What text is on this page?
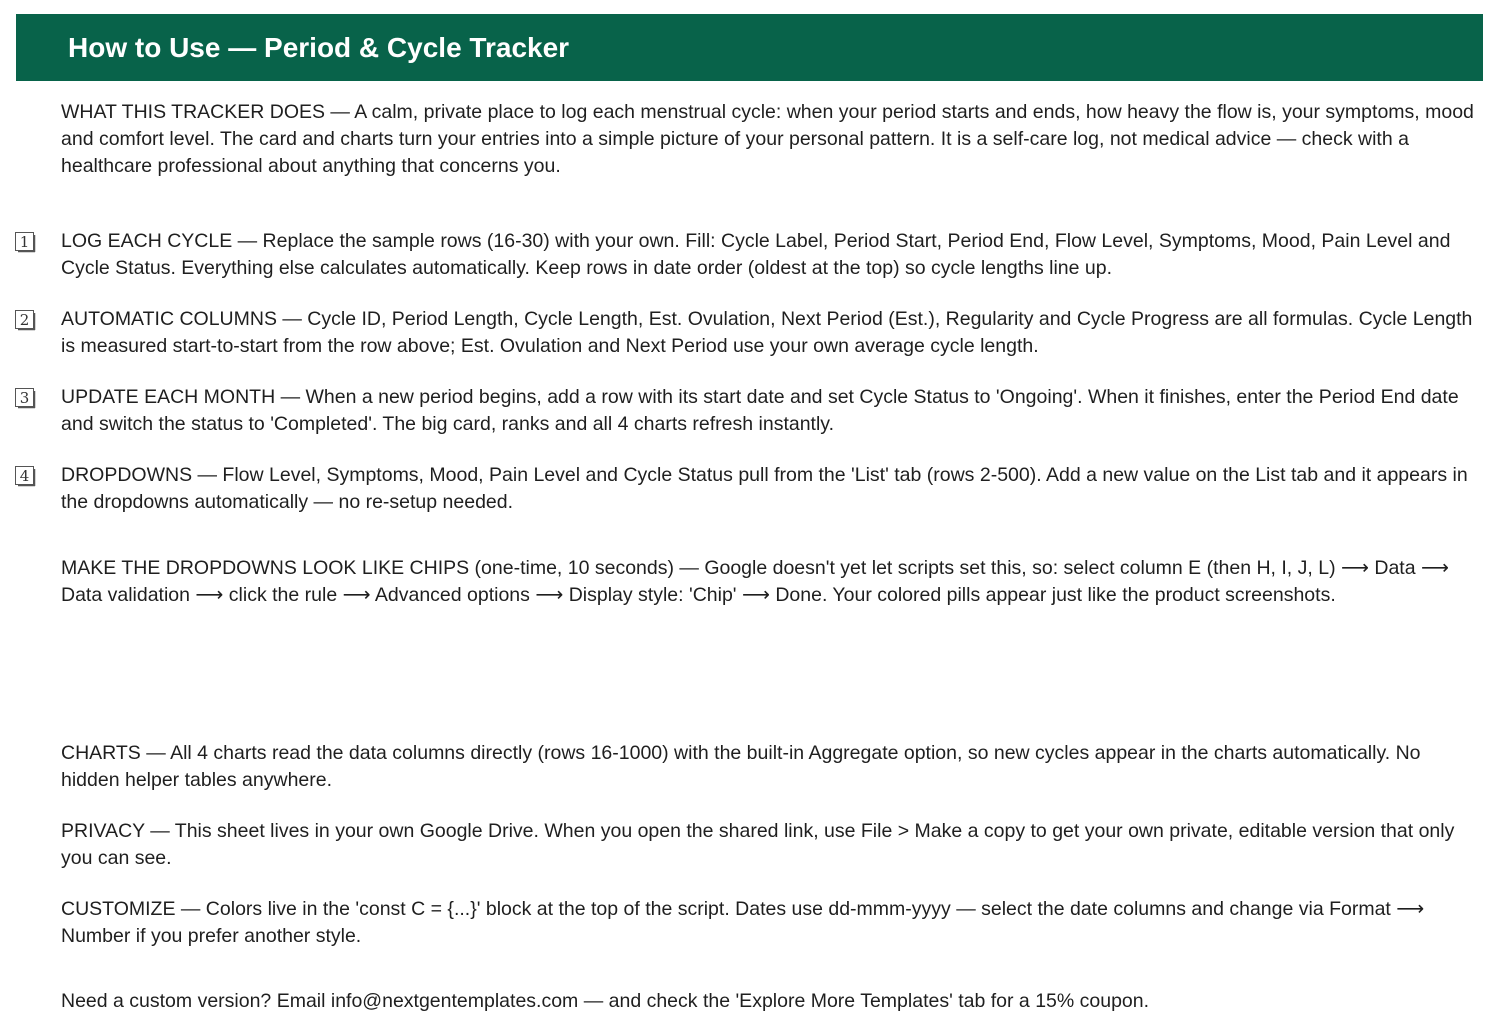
How to Use — Period & Cycle Tracker

WHAT THIS TRACKER DOES — A calm, private place to log each menstrual cycle: when your period starts and ends, how heavy the flow is, your symptoms, mood and comfort level. The card and charts turn your entries into a simple picture of your personal pattern. It is a self-care log, not medical advice — check with a healthcare professional about anything that concerns you.

1 LOG EACH CYCLE — Replace the sample rows (16-30) with your own. Fill: Cycle Label, Period Start, Period End, Flow Level, Symptoms, Mood, Pain Level and Cycle Status. Everything else calculates automatically. Keep rows in date order (oldest at the top) so cycle lengths line up.

2 AUTOMATIC COLUMNS — Cycle ID, Period Length, Cycle Length, Est. Ovulation, Next Period (Est.), Regularity and Cycle Progress are all formulas. Cycle Length is measured start-to-start from the row above; Est. Ovulation and Next Period use your own average cycle length.

3 UPDATE EACH MONTH — When a new period begins, add a row with its start date and set Cycle Status to 'Ongoing'. When it finishes, enter the Period End date and switch the status to 'Completed'. The big card, ranks and all 4 charts refresh instantly.

4 DROPDOWNS — Flow Level, Symptoms, Mood, Pain Level and Cycle Status pull from the 'List' tab (rows 2-500). Add a new value on the List tab and it appears in the dropdowns automatically — no re-setup needed.

MAKE THE DROPDOWNS LOOK LIKE CHIPS (one-time, 10 seconds) — Google doesn't yet let scripts set this, so: select column E (then H, I, J, L) ⟶ Data ⟶ Data validation ⟶ click the rule ⟶ Advanced options ⟶ Display style: 'Chip' ⟶ Done. Your colored pills appear just like the product screenshots.

CHARTS — All 4 charts read the data columns directly (rows 16-1000) with the built-in Aggregate option, so new cycles appear in the charts automatically. No hidden helper tables anywhere.

PRIVACY — This sheet lives in your own Google Drive. When you open the shared link, use File > Make a copy to get your own private, editable version that only you can see.

CUSTOMIZE — Colors live in the 'const C = {...}' block at the top of the script. Dates use dd-mmm-yyyy — select the date columns and change via Format ⟶ Number if you prefer another style.

Need a custom version? Email info@nextgentemplates.com — and check the 'Explore More Templates' tab for a 15% coupon.
